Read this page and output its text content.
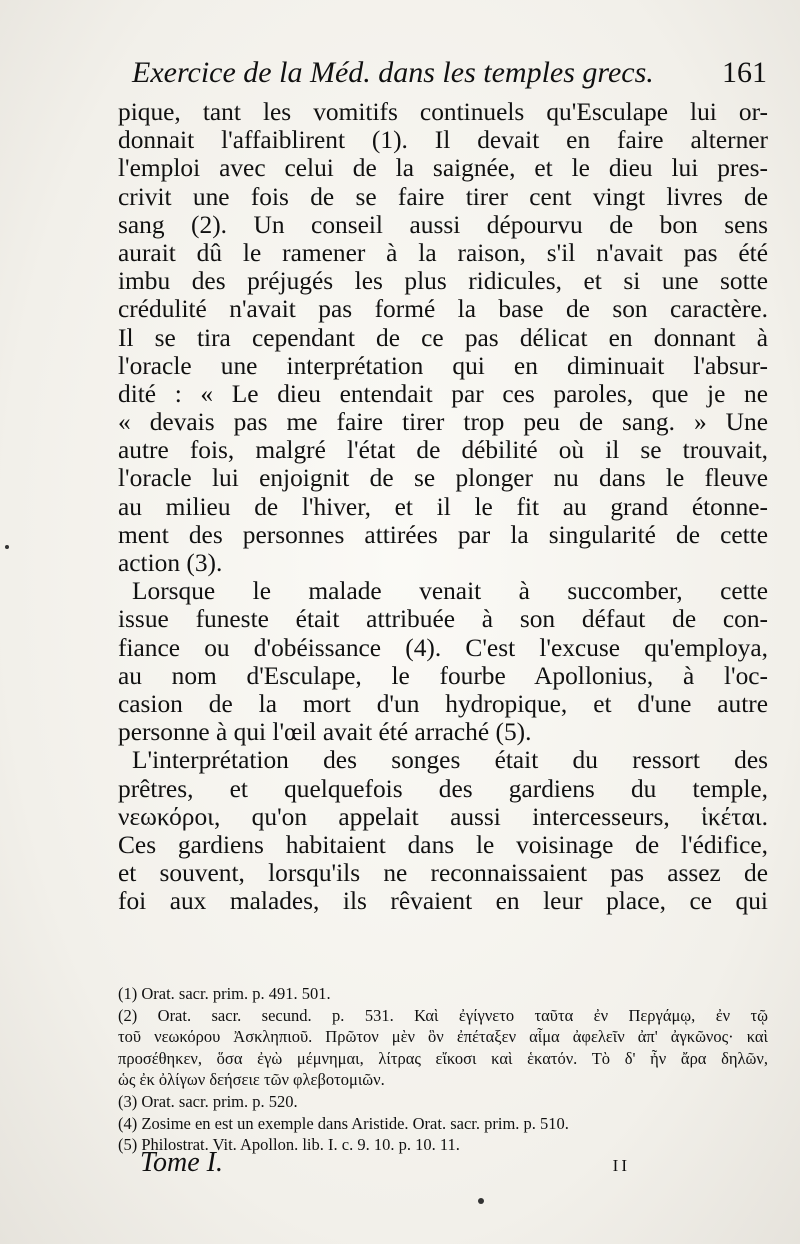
Exercice de la Méd. dans les temples grecs. 161
pique, tant les vomitifs continuels qu'Esculape lui or-
donnait l'affaiblirent (1). Il devait en faire alterner
l'emploi avec celui de la saignée, et le dieu lui pres-
crivit une fois de se faire tirer cent vingt livres de
sang (2). Un conseil aussi dépourvu de bon sens
aurait dû le ramener à la raison, s'il n'avait pas été
imbu des préjugés les plus ridicules, et si une sotte
crédulité n'avait pas formé la base de son caractère.
Il se tira cependant de ce pas délicat en donnant à
l'oracle une interprétation qui en diminuait l'absur-
dité : « Le dieu entendait par ces paroles, que je ne
« devais pas me faire tirer trop peu de sang. » Une
autre fois, malgré l'état de débilité où il se trouvait,
l'oracle lui enjoignit de se plonger nu dans le fleuve
au milieu de l'hiver, et il le fit au grand étonne-
ment des personnes attirées par la singularité de cette
action (3).
Lorsque le malade venait à succomber, cette
issue funeste était attribuée à son défaut de con-
fiance ou d'obéissance (4). C'est l'excuse qu'employa,
au nom d'Esculape, le fourbe Apollonius, à l'oc-
casion de la mort d'un hydropique, et d'une autre
personne à qui l'œil avait été arraché (5).
L'interprétation des songes était du ressort des
prêtres, et quelquefois des gardiens du temple,
νεωκόροι, qu'on appelait aussi intercesseurs, ἱκέται.
Ces gardiens habitaient dans le voisinage de l'édifice,
et souvent, lorsqu'ils ne reconnaissaient pas assez de
foi aux malades, ils rêvaient en leur place, ce qui
(1) Orat. sacr. prim. p. 491. 501.
(2) Orat. sacr. secund. p. 531. Καὶ ἐγίγνετο ταῦτα ἐν Περγάμῳ, ἐν τῷ
τοῦ νεωκόρου Ἀσκληπιοῦ. Πρῶτον μὲν ὃν ἐπέταξεν αἷμα ἀφελεῖν ἀπ' ἀγκῶνος· καὶ
προσέθηκεν, ὅσα ἐγὼ μέμνημαι, λίτρας εἴκοσι καὶ ἑκατόν. Τὸ δ' ἦν ἄρα δηλῶν,
ὡς ἐκ ὀλίγων δεήσειε τῶν φλεβοτομιῶν.
(3) Orat. sacr. prim. p. 520.
(4) Zosime en est un exemple dans Aristide. Orat. sacr. prim. p. 510.
(5) Philostrat. Vit. Apollon. lib. I. c. 9. 10. p. 10. 11.
Tome I.	II
